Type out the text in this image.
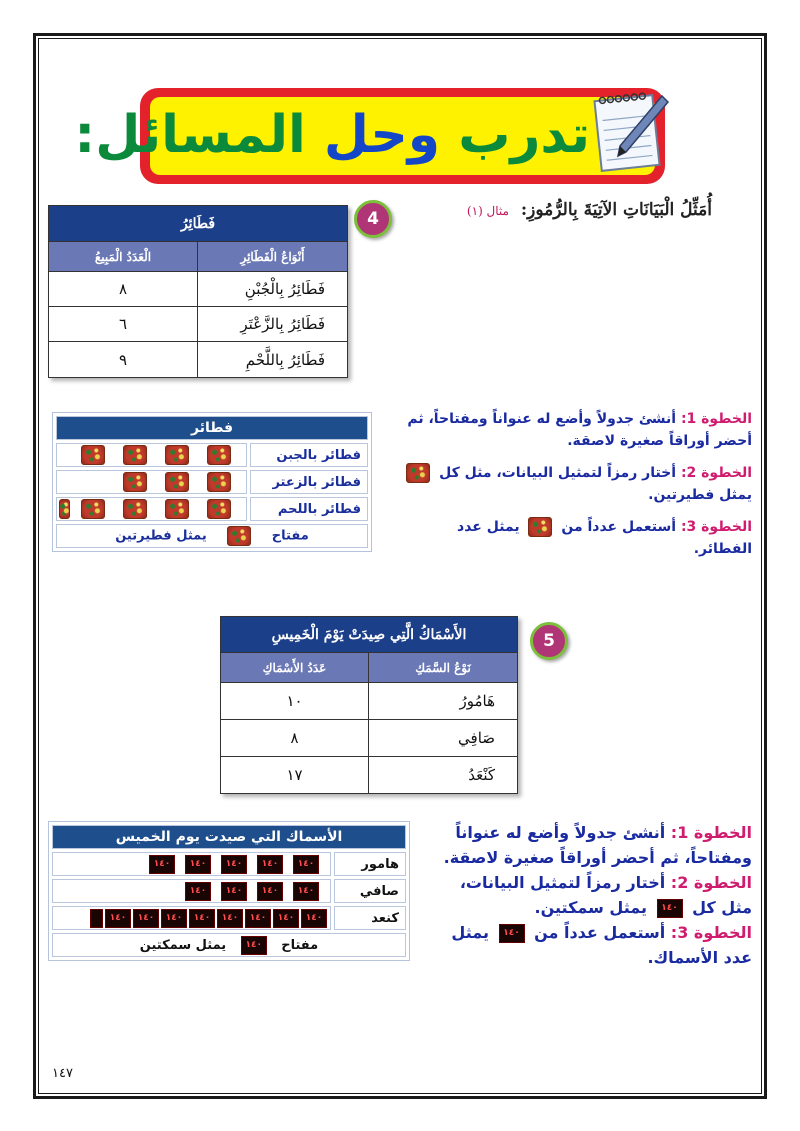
تدرب وحل المسائل:
4	أُمَثِّلُ الْبَيَانَاتِ الآتِيَةَ بِالرُّمُوزِ: مثال (١)
فَطَائِرُ	
أَنْوَاعُ الْفَطَائِرِ	الْعَدَدُ الْمَبِيعُ
فَطَائِرُ بِالْجُبْنِ	٨
فَطَائِرُ بِالزَّعْتَرِ	٦
فَطَائِرُ بِاللَّحْمِ	٩
فطائر	
فطائر بالجبن	
فطائر بالزعتر	
فطائر باللحم	
مفتاح  يمثل فطيرتين	

الخطوة 1: أنشئ جدولاً وأضع له عنواناً ومفتاحاً، ثم أحضر أوراقاً صغيرة لاصقة.

الخطوة 2: أختار رمزاً لتمثيل البيانات، مثل كل  يمثل فطيرتين.

الخطوة 3: أستعمل عدداً من  يمثل عدد الفطائر.

5
الأَسْمَاكُ الَّتِي صِيدَتْ يَوْمَ الْخَمِيسِ	
نَوْعُ السَّمَكِ	عَدَدُ الأَسْمَاكِ
هَامُورُ	١٠
صَافِي	٨
كَنْعَدُ	١٧
الأسماك التي صيدت يوم الخميس	
هامور	١٤٠١٤٠١٤٠١٤٠١٤٠
صافي	١٤٠١٤٠١٤٠١٤٠
كنعد	١٤٠١٤٠١٤٠١٤٠١٤٠١٤٠١٤٠١٤٠
مفتاح ١٤٠ يمثل سمكتين	

الخطوة 1: أنشئ جدولاً وأضع له عنواناً ومفتاحاً، ثم أحضر أوراقاً صغيرة لاصقة.

الخطوة 2: أختار رمزاً لتمثيل البيانات، مثل كل ١٤٠ يمثل سمكتين.

الخطوة 3: أستعمل عدداً من ١٤٠ يمثل عدد الأسماك.

١٤٧
